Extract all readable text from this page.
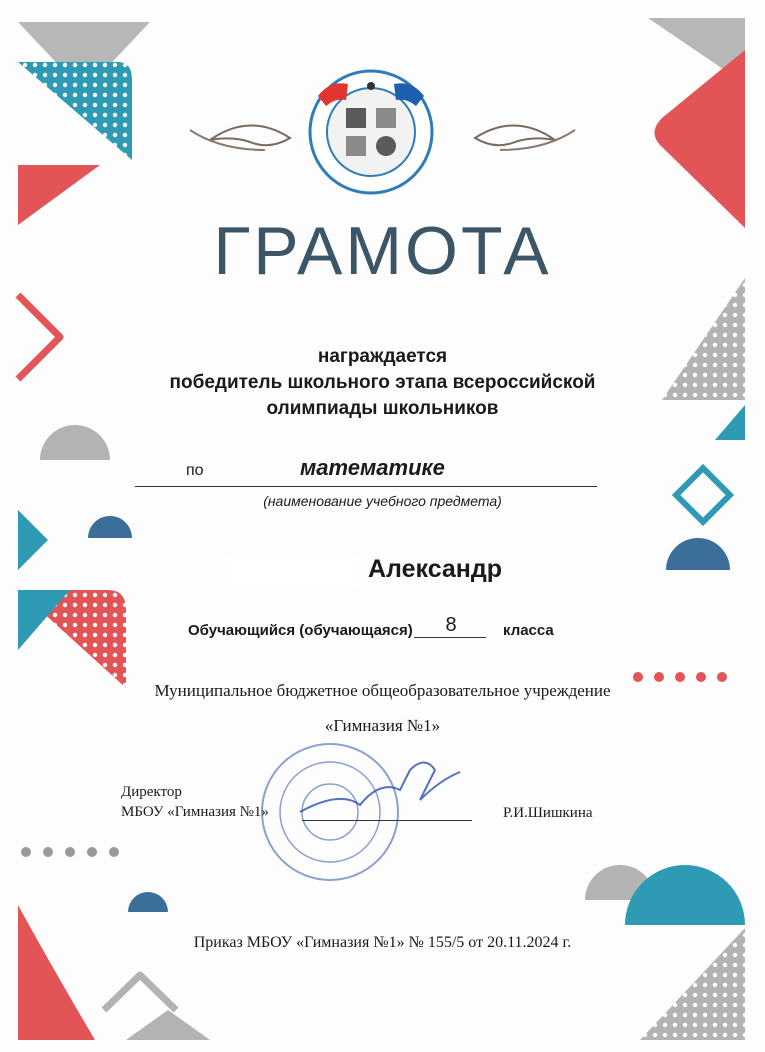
ГРАМОТА
награждается
победитель школьного этапа всероссийской
олимпиады школьников
по	математике
(наименование учебного предмета)
Александр
Обучающийся (обучающаяся)	8	класса
Муниципальное бюджетное общеобразовательное учреждение
«Гимназия №1»
Директор
МБОУ «Гимназия №1»	Р.И.Шишкина
Приказ МБОУ «Гимназия №1» № 155/5 от 20.11.2024 г.
